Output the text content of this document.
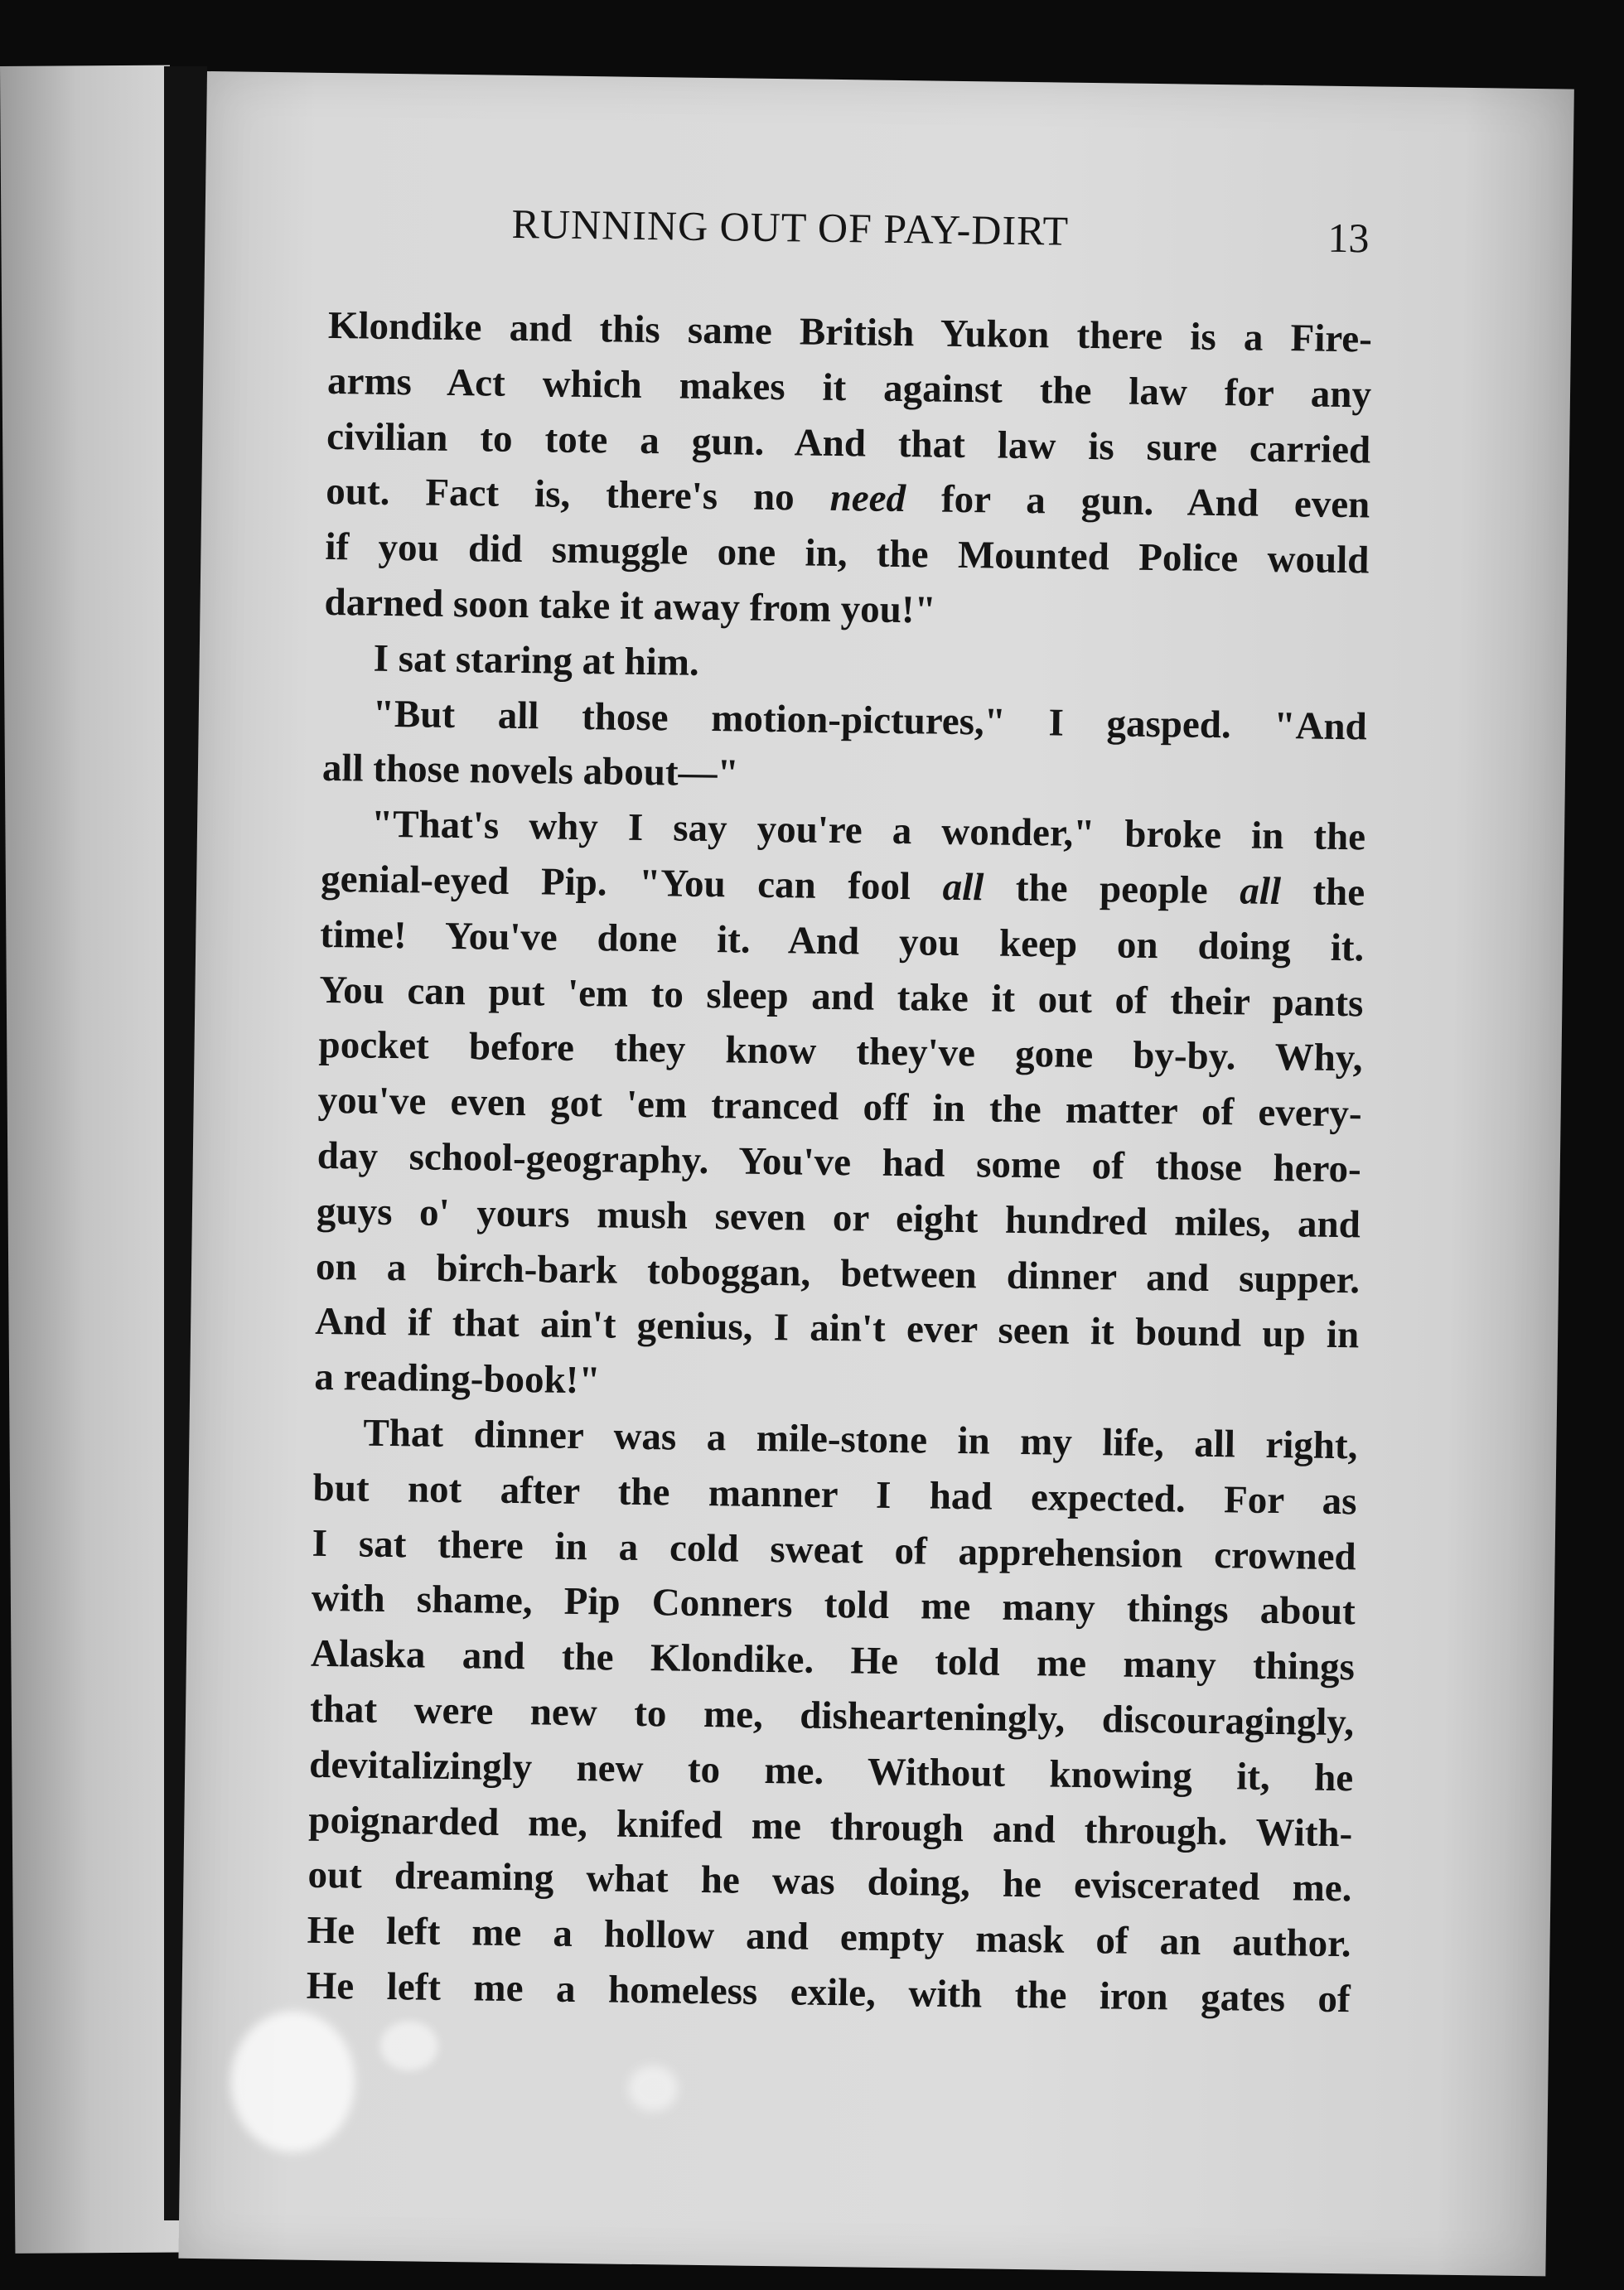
RUNNING OUT OF PAY-DIRT	13
Klondike and this same British Yukon there is a Fire-
arms Act which makes it against the law for any
civilian to tote a gun. And that law is sure carried
out. Fact is, there's no need for a gun. And even
if you did smuggle one in, the Mounted Police would
darned soon take it away from you!"
I sat staring at him.
"But all those motion-pictures," I gasped. "And
all those novels about—"
"That's why I say you're a wonder," broke in the
genial-eyed Pip. "You can fool all the people all the
time! You've done it. And you keep on doing it.
You can put 'em to sleep and take it out of their pants
pocket before they know they've gone by-by. Why,
you've even got 'em tranced off in the matter of every-
day school-geography. You've had some of those hero-
guys o' yours mush seven or eight hundred miles, and
on a birch-bark toboggan, between dinner and supper.
And if that ain't genius, I ain't ever seen it bound up in
a reading-book!"
That dinner was a mile-stone in my life, all right,
but not after the manner I had expected. For as
I sat there in a cold sweat of apprehension crowned
with shame, Pip Conners told me many things about
Alaska and the Klondike. He told me many things
that were new to me, dishearteningly, discouragingly,
devitalizingly new to me. Without knowing it, he
poignarded me, knifed me through and through. With-
out dreaming what he was doing, he eviscerated me.
He left me a hollow and empty mask of an author.
He left me a homeless exile, with the iron gates of
